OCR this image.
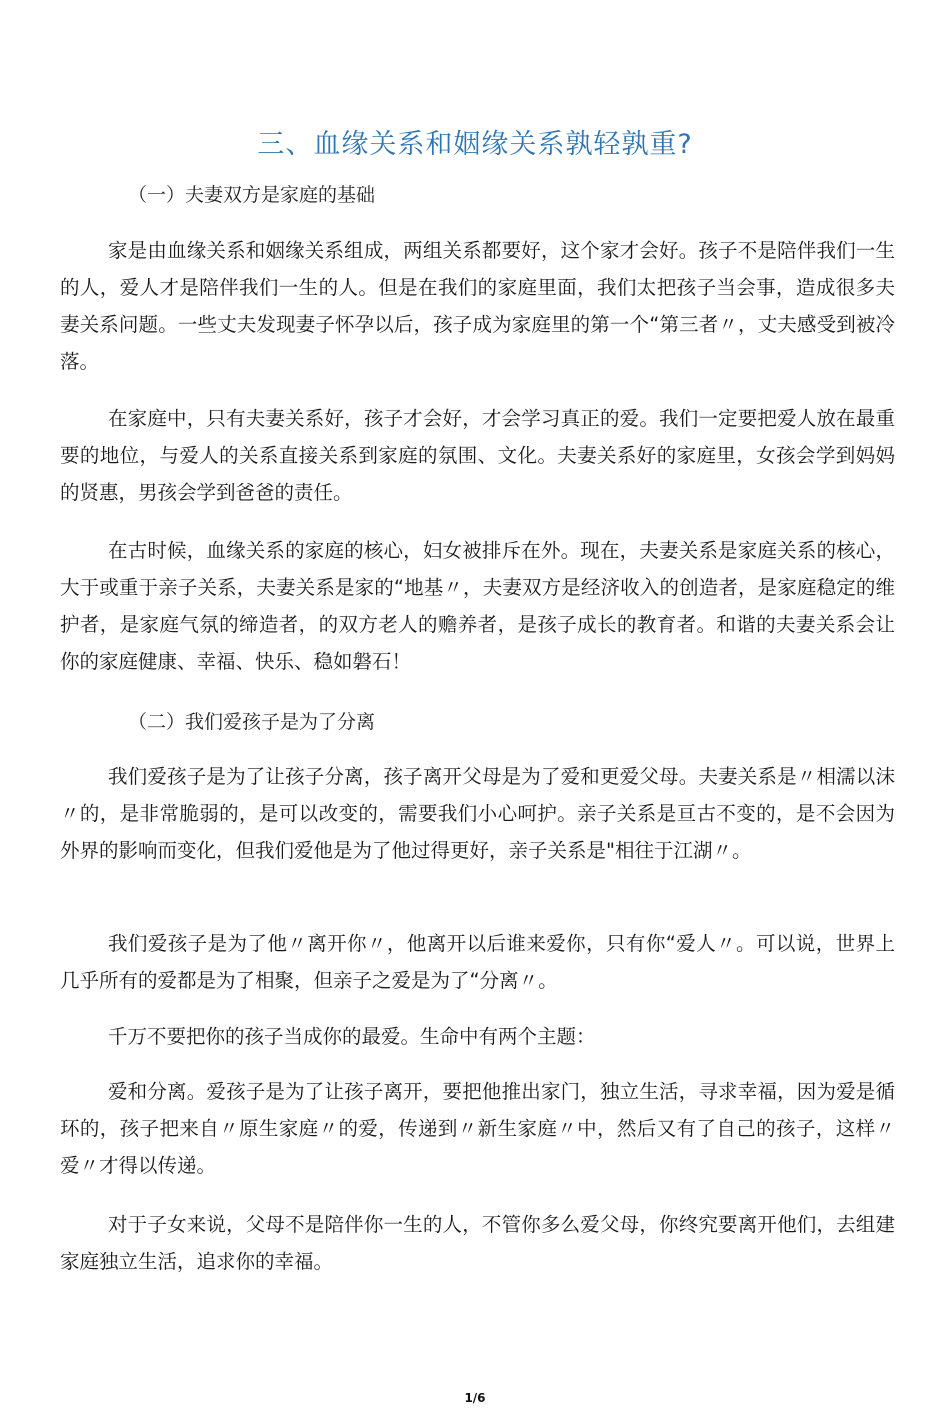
三、血缘关系和姻缘关系孰轻孰重?
（一）夫妻双方是家庭的基础

家是由血缘关系和姻缘关系组成，两组关系都要好，这个家才会好。孩子不是陪伴我们一生的人，爱人才是陪伴我们一生的人。但是在我们的家庭里面，我们太把孩子当会事，造成很多夫妻关系问题。一些丈夫发现妻子怀孕以后，孩子成为家庭里的第一个“第三者〃，丈夫感受到被冷落。

在家庭中，只有夫妻关系好，孩子才会好，才会学习真正的爱。我们一定要把爱人放在最重要的地位，与爱人的关系直接关系到家庭的氛围、文化。夫妻关系好的家庭里，女孩会学到妈妈的贤惠，男孩会学到爸爸的责任。

在古时候，血缘关系的家庭的核心，妇女被排斥在外。现在，夫妻关系是家庭关系的核心，大于或重于亲子关系，夫妻关系是家的“地基〃，夫妻双方是经济收入的创造者，是家庭稳定的维护者，是家庭气氛的缔造者，的双方老人的赡养者，是孩子成长的教育者。和谐的夫妻关系会让你的家庭健康、幸福、快乐、稳如磐石！

（二）我们爱孩子是为了分离

我们爱孩子是为了让孩子分离，孩子离开父母是为了爱和更爱父母。夫妻关系是〃相濡以沫〃的，是非常脆弱的，是可以改变的，需要我们小心呵护。亲子关系是亘古不变的，是不会因为外界的影响而变化，但我们爱他是为了他过得更好，亲子关系是"相往于江湖〃。

我们爱孩子是为了他〃离开你〃，他离开以后谁来爱你，只有你“爱人〃。可以说，世界上几乎所有的爱都是为了相聚，但亲子之爱是为了“分离〃。

千万不要把你的孩子当成你的最爱。生命中有两个主题：

爱和分离。爱孩子是为了让孩子离开，要把他推出家门，独立生活，寻求幸福，因为爱是循环的，孩子把来自〃原生家庭〃的爱，传递到〃新生家庭〃中，然后又有了自己的孩子，这样〃爱〃才得以传递。

对于子女来说，父母不是陪伴你一生的人，不管你多么爱父母，你终究要离开他们，去组建家庭独立生活，追求你的幸福。

1/6
